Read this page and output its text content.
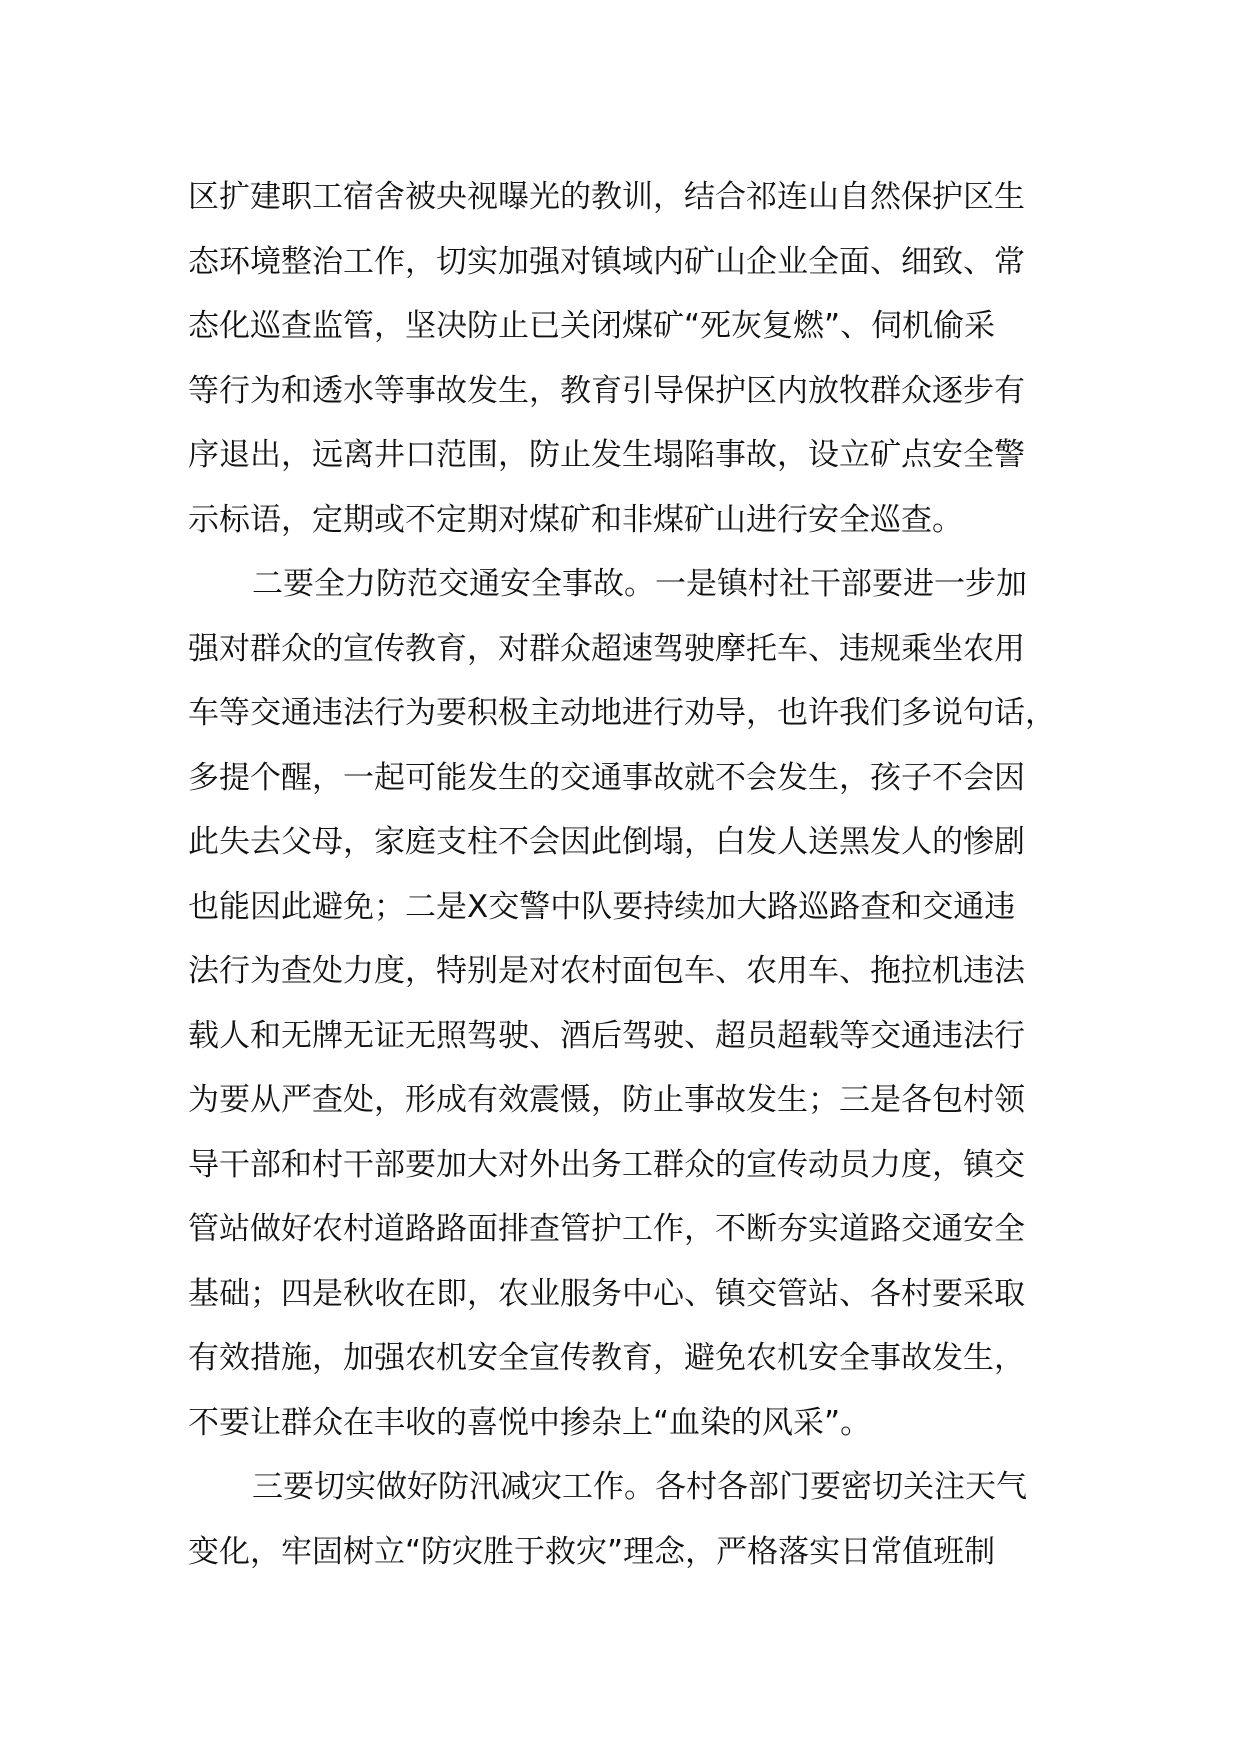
区扩建职工宿舍被央视曝光的教训，结合祁连山自然保护区生
态环境整治工作，切实加强对镇域内矿山企业全面、细致、常
态化巡查监管，坚决防止已关闭煤矿“死灰复燃”、伺机偷采
等行为和透水等事故发生，教育引导保护区内放牧群众逐步有
序退出，远离井口范围，防止发生塌陷事故，设立矿点安全警
示标语，定期或不定期对煤矿和非煤矿山进行安全巡查。

二要全力防范交通安全事故。一是镇村社干部要进一步加
强对群众的宣传教育，对群众超速驾驶摩托车、违规乘坐农用
车等交通违法行为要积极主动地进行劝导，也许我们多说句话，
多提个醒，一起可能发生的交通事故就不会发生，孩子不会因
此失去父母，家庭支柱不会因此倒塌，白发人送黑发人的惨剧
也能因此避免；二是X交警中队要持续加大路巡路查和交通违
法行为查处力度，特别是对农村面包车、农用车、拖拉机违法
载人和无牌无证无照驾驶、酒后驾驶、超员超载等交通违法行
为要从严查处，形成有效震慑，防止事故发生；三是各包村领
导干部和村干部要加大对外出务工群众的宣传动员力度，镇交
管站做好农村道路路面排查管护工作，不断夯实道路交通安全
基础；四是秋收在即，农业服务中心、镇交管站、各村要采取
有效措施，加强农机安全宣传教育，避免农机安全事故发生，
不要让群众在丰收的喜悦中掺杂上“血染的风采”。

三要切实做好防汛减灾工作。各村各部门要密切关注天气
变化，牢固树立“防灾胜于救灾”理念，严格落实日常值班制
